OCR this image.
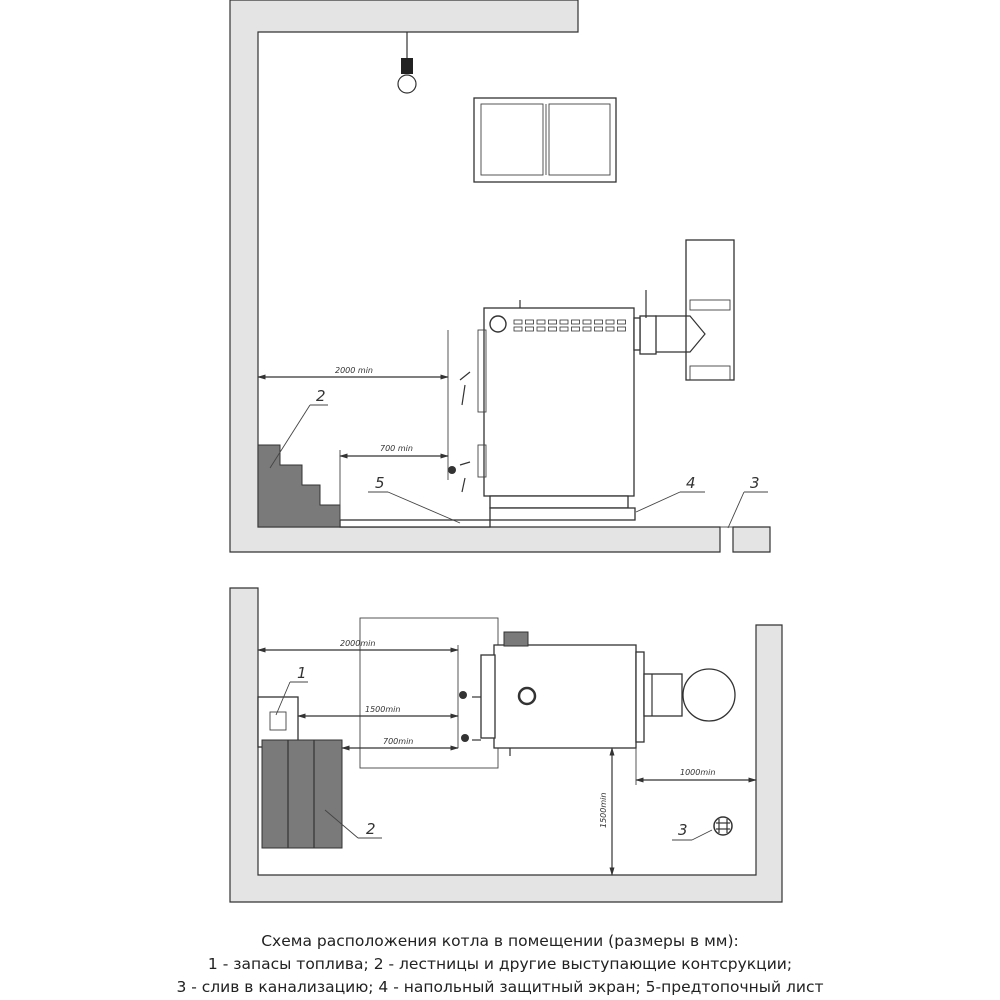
2000 min
700 min
2
5	4	3
2000min
1500min
700min
1000min
1500min
1
2	3
Схема расположения котла в помещении (размеры в мм):
1 - запасы топлива; 2 - лестницы и другие выступающие контсрукции;
3 - слив в канализацию; 4 - напольный защитный экран; 5-предтопочный лист
